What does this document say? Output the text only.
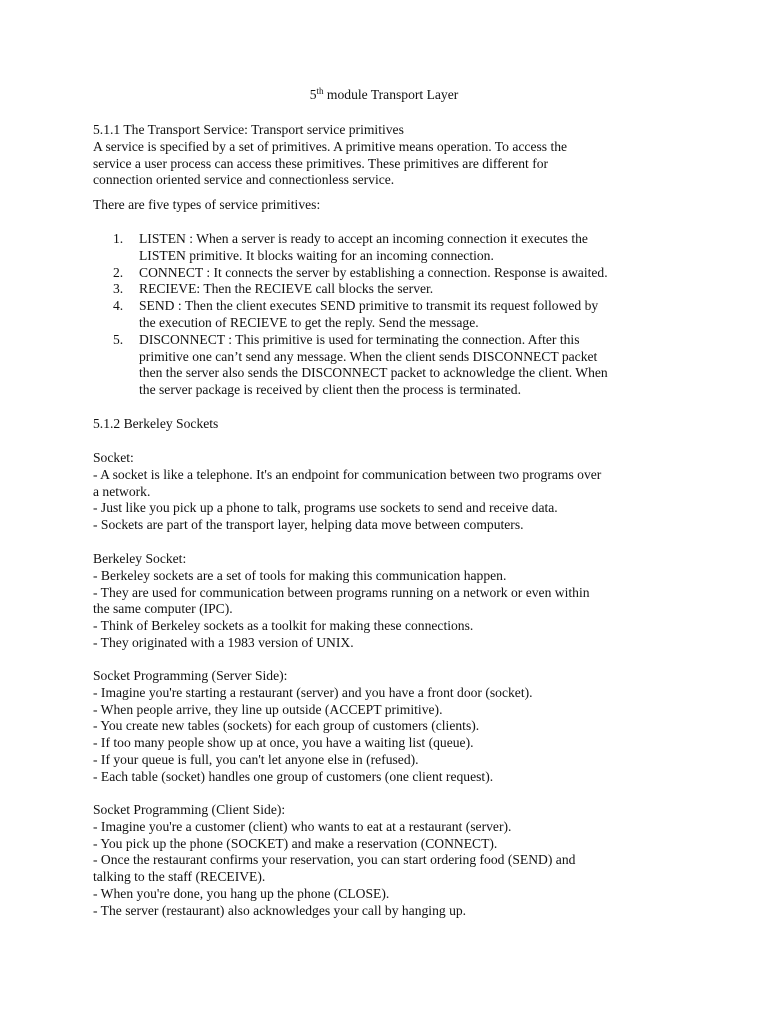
5th module Transport Layer
5.1.1 The Transport Service: Transport service primitives
A service is specified by a set of primitives. A primitive means operation. To access the
service a user process can access these primitives. These primitives are different for
connection oriented service and connectionless service.
There are five types of service primitives:
1 . LISTEN : When a server is ready to accept an incoming connection it executes the
LISTEN primitive. It blocks waiting for an incoming connection.
2 . CONNECT : It connects the server by establishing a connection. Response is awaited.
3 . RECIEVE: Then the RECIEVE call blocks the server.
4 . SEND : Then the client executes SEND primitive to transmit its request followed by
the execution of RECIEVE to get the reply. Send the message.
5 . DISCONNECT : This primitive is used for terminating the connection. After this
primitive one can’t send any message. When the client sends DISCONNECT packet
then the server also sends the DISCONNECT packet to acknowledge the client. When
the server package is received by client then the process is terminated.
5.1.2 Berkeley Sockets
Socket:
- A socket is like a telephone. It's an endpoint for communication between two programs over
a network.
- Just like you pick up a phone to talk, programs use sockets to send and receive data.
- Sockets are part of the transport layer, helping data move between computers.
Berkeley Socket:
- Berkeley sockets are a set of tools for making this communication happen.
- They are used for communication between programs running on a network or even within
the same computer (IPC).
- Think of Berkeley sockets as a toolkit for making these connections.
- They originated with a 1983 version of UNIX.
Socket Programming (Server Side):
- Imagine you're starting a restaurant (server) and you have a front door (socket).
- When people arrive, they line up outside (ACCEPT primitive).
- You create new tables (sockets) for each group of customers (clients).
- If too many people show up at once, you have a waiting list (queue).
- If your queue is full, you can't let anyone else in (refused).
- Each table (socket) handles one group of customers (one client request).
Socket Programming (Client Side):
- Imagine you're a customer (client) who wants to eat at a restaurant (server).
- You pick up the phone (SOCKET) and make a reservation (CONNECT).
- Once the restaurant confirms your reservation, you can start ordering food (SEND) and
talking to the staff (RECEIVE).
- When you're done, you hang up the phone (CLOSE).
- The server (restaurant) also acknowledges your call by hanging up.
